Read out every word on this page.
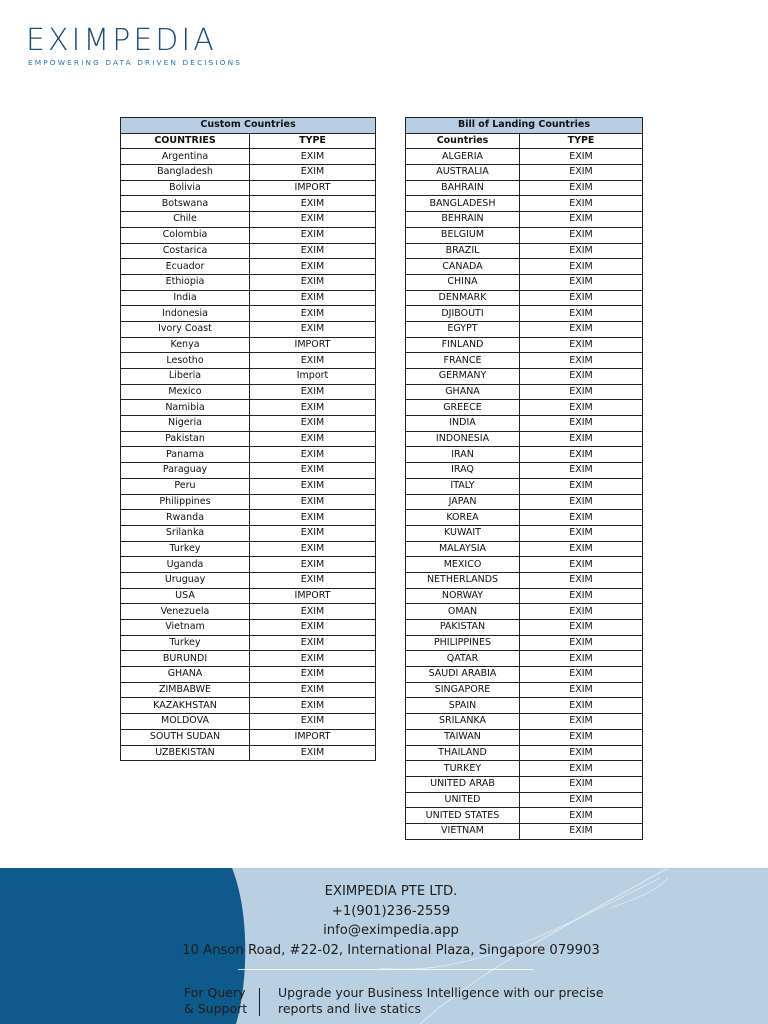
EXIMPEDIA
EMPOWERING DATA DRIVEN DECISIONS
Custom Countries	
COUNTRIES	TYPE
Argentina	EXIM
Bangladesh	EXIM
Bolivia	IMPORT
Botswana	EXIM
Chile	EXIM
Colombia	EXIM
Costarica	EXIM
Ecuador	EXIM
Ethiopia	EXIM
India	EXIM
Indonesia	EXIM
Ivory Coast	EXIM
Kenya	IMPORT
Lesotho	EXIM
Liberia	Import
Mexico	EXIM
Namibia	EXIM
Nigeria	EXIM
Pakistan	EXIM
Panama	EXIM
Paraguay	EXIM
Peru	EXIM
Philippines	EXIM
Rwanda	EXIM
Srilanka	EXIM
Turkey	EXIM
Uganda	EXIM
Uruguay	EXIM
USA	IMPORT
Venezuela	EXIM
Vietnam	EXIM
Turkey	EXIM
BURUNDI	EXIM
GHANA	EXIM
ZIMBABWE	EXIM
KAZAKHSTAN	EXIM
MOLDOVA	EXIM
SOUTH SUDAN	IMPORT
UZBEKISTAN	EXIM
Bill of Landing Countries	
Countries	TYPE
ALGERIA	EXIM
AUSTRALIA	EXIM
BAHRAIN	EXIM
BANGLADESH	EXIM
BEHRAIN	EXIM
BELGIUM	EXIM
BRAZIL	EXIM
CANADA	EXIM
CHINA	EXIM
DENMARK	EXIM
DJIBOUTI	EXIM
EGYPT	EXIM
FINLAND	EXIM
FRANCE	EXIM
GERMANY	EXIM
GHANA	EXIM
GREECE	EXIM
INDIA	EXIM
INDONESIA	EXIM
IRAN	EXIM
IRAQ	EXIM
ITALY	EXIM
JAPAN	EXIM
KOREA	EXIM
KUWAIT	EXIM
MALAYSIA	EXIM
MEXICO	EXIM
NETHERLANDS	EXIM
NORWAY	EXIM
OMAN	EXIM
PAKISTAN	EXIM
PHILIPPINES	EXIM
QATAR	EXIM
SAUDI ARABIA	EXIM
SINGAPORE	EXIM
SPAIN	EXIM
SRILANKA	EXIM
TAIWAN	EXIM
THAILAND	EXIM
TURKEY	EXIM
UNITED ARAB	EXIM
UNITED	EXIM
UNITED STATES	EXIM
VIETNAM	EXIM
EXIMPEDIA PTE LTD.
+1(901)236-2559
info@eximpedia.app
10 Anson Road, #22-02, International Plaza, Singapore 079903
For Query
& Support
Upgrade your Business Intelligence with our precise
reports and live statics
